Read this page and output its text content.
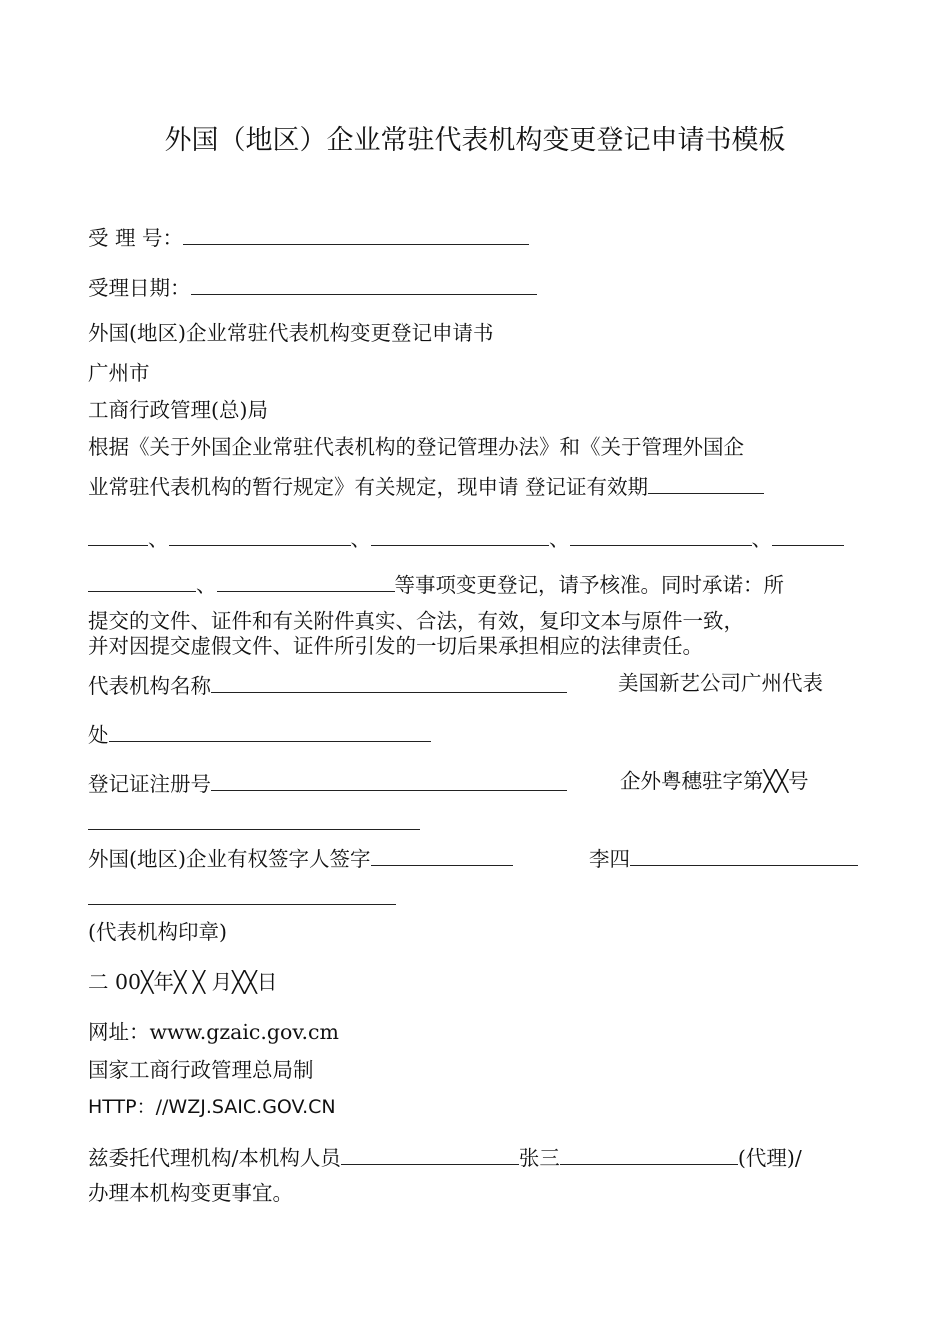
外国（地区）企业常驻代表机构变更登记申请书模板
受 理 号：
受理日期：
外国(地区)企业常驻代表机构变更登记申请书
广州市
工商行政管理(总)局
根据《关于外国企业常驻代表机构的登记管理办法》和《关于管理外国企
业常驻代表机构的暂行规定》有关规定，现申请 登记证有效期
、	、	、	、
、	等事项变更登记，请予核准。同时承诺：所
提交的文件、证件和有关附件真实、合法，有效，复印文本与原件一致，
并对因提交虚假文件、证件所引发的一切后果承担相应的法律责任。
代表机构名称	美国新艺公司广州代表
处
登记证注册号	企外粤穗驻字第╳╳号
外国(地区)企业有权签字人签字	李四
(代表机构印章)
二 00╳年╳ ╳ 月╳╳日
网址：www.gzaic.gov.cm
国家工商行政管理总局制
HTTP：//WZJ.SAIC.GOV.CN
兹委托代理机构/本机构人员	张三	(代理)/
办理本机构变更事宜。
